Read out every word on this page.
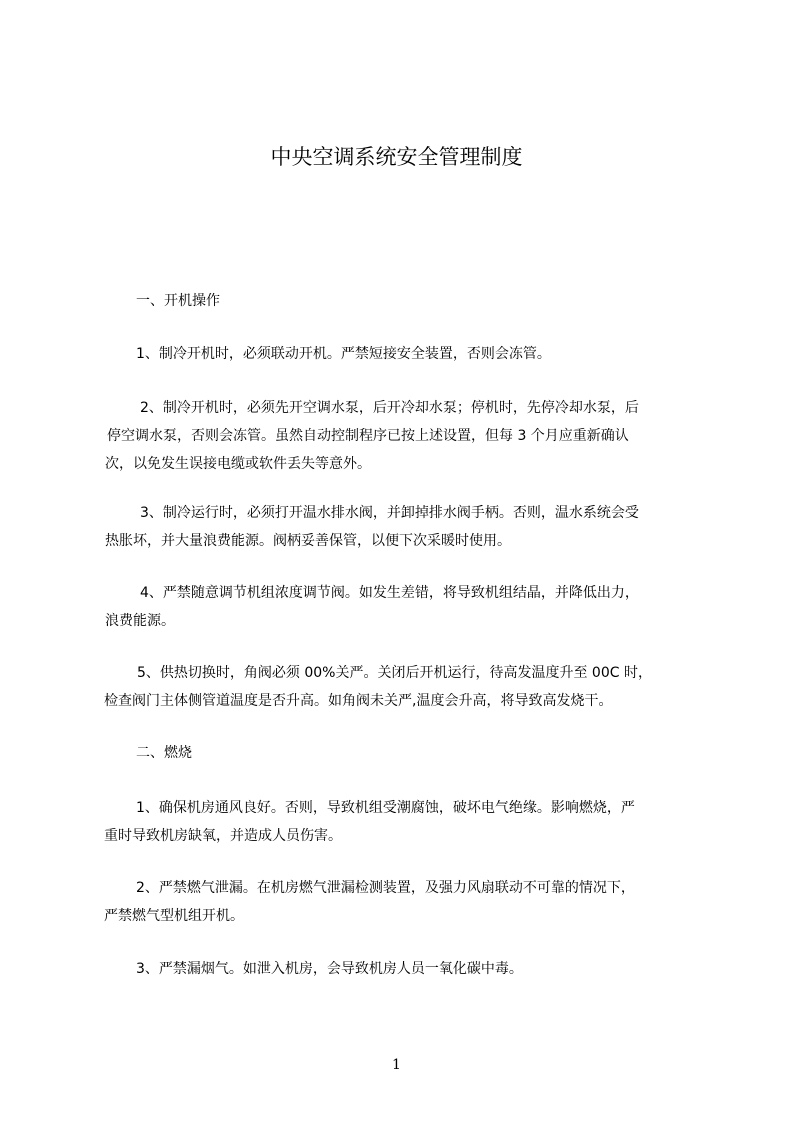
中央空调系统安全管理制度
一、开机操作
1、制冷开机时，必须联动开机。严禁短接安全装置，否则会冻管。
2、制冷开机时，必须先开空调水泵，后开冷却水泵；停机时，先停冷却水泵，后
停空调水泵，否则会冻管。虽然自动控制程序已按上述设置，但每 3 个月应重新确认
次，以免发生误接电缆或软件丢失等意外。
3、制冷运行时，必须打开温水排水阀，并卸掉排水阀手柄。否则，温水系统会受
热胀坏，并大量浪费能源。阀柄妥善保管，以便下次采暖时使用。
4、严禁随意调节机组浓度调节阀。如发生差错，将导致机组结晶，并降低出力，
浪费能源。
5、供热切换时，角阀必须 00%关严。关闭后开机运行，待高发温度升至 00C 时，
检查阀门主体侧管道温度是否升高。如角阀未关严,温度会升高，将导致高发烧干。
二、燃烧
1、确保机房通风良好。否则，导致机组受潮腐蚀，破坏电气绝缘。影响燃烧，严
重时导致机房缺氧，并造成人员伤害。
2、严禁燃气泄漏。在机房燃气泄漏检测装置，及强力风扇联动不可靠的情况下，
严禁燃气型机组开机。
3、严禁漏烟气。如泄入机房，会导致机房人员一氧化碳中毒。
1
